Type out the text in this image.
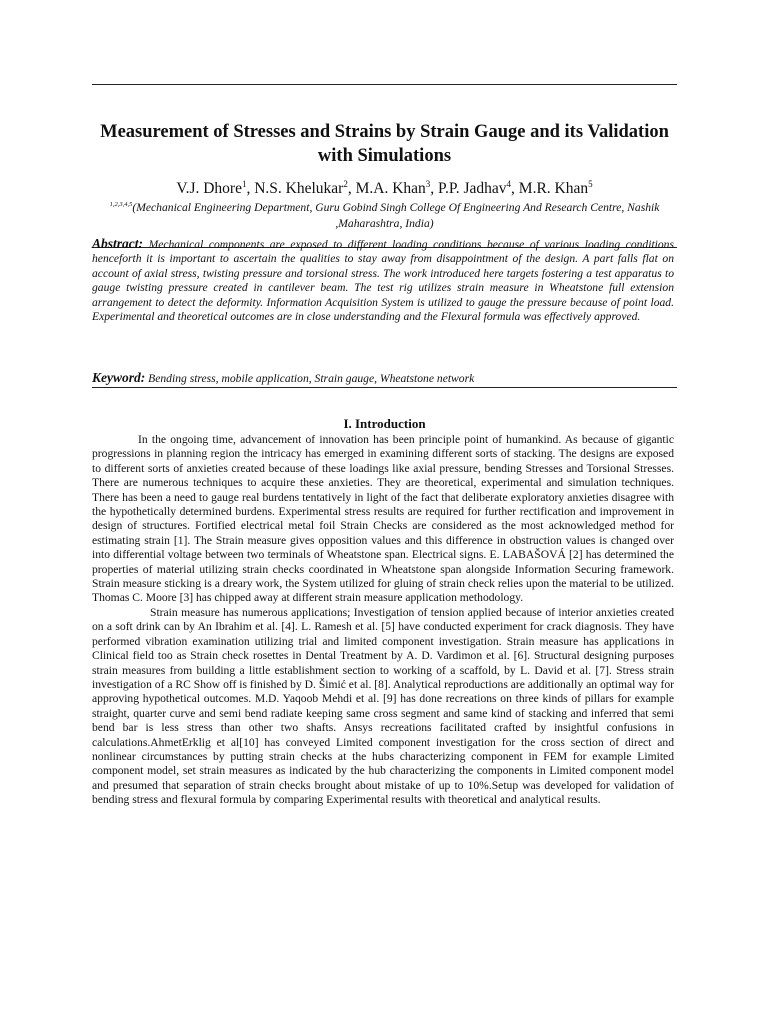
Measurement of Stresses and Strains by Strain Gauge and its Validation with Simulations
V.J. Dhore$^1$, N.S. Khelukar$^2$, M.A. Khan$^3$, P.P. Jadhav$^4$, M.R. Khan$^5$
$^{1,2,3,4,5}$(Mechanical Engineering Department, Guru Gobind Singh College Of Engineering And Research Centre, Nashik ,Maharashtra, India)
Abstract: Mechanical components are exposed to different loading conditions because of various loading conditions henceforth it is important to ascertain the qualities to stay away from disappointment of the design. A part falls flat on account of axial stress, twisting pressure and torsional stress. The work introduced here targets fostering a test apparatus to gauge twisting pressure created in cantilever beam. The test rig utilizes strain measure in Wheatstone full extension arrangement to detect the deformity. Information Acquisition System is utilized to gauge the pressure because of point load. Experimental and theoretical outcomes are in close understanding and the Flexural formula was effectively approved.
Keyword: Bending stress, mobile application, Strain gauge, Wheatstone network
I. Introduction

In the ongoing time, advancement of innovation has been principle point of humankind. As because of gigantic progressions in planning region the intricacy has emerged in examining different sorts of stacking. The designs are exposed to different sorts of anxieties created because of these loadings like axial pressure, bending Stresses and Torsional Stresses. There are numerous techniques to acquire these anxieties. They are theoretical, experimental and simulation techniques. There has been a need to gauge real burdens tentatively in light of the fact that deliberate exploratory anxieties disagree with the hypothetically determined burdens. Experimental stress results are required for further rectification and improvement in design of structures. Fortified electrical metal foil Strain Checks are considered as the most acknowledged method for estimating strain [1]. The Strain measure gives opposition values and this difference in obstruction values is changed over into differential voltage between two terminals of Wheatstone span. Electrical signs. E. LABAŠOVÁ [2] has determined the properties of material utilizing strain checks coordinated in Wheatstone span alongside Information Securing framework. Strain measure sticking is a dreary work, the System utilized for gluing of strain check relies upon the material to be utilized. Thomas C. Moore [3] has chipped away at different strain measure application methodology.

Strain measure has numerous applications; Investigation of tension applied because of interior anxieties created on a soft drink can by An Ibrahim et al. [4]. L. Ramesh et al. [5] have conducted experiment for crack diagnosis. They have performed vibration examination utilizing trial and limited component investigation. Strain measure has applications in Clinical field too as Strain check rosettes in Dental Treatment by A. D. Vardimon et al. [6]. Structural designing purposes strain measures from building a little establishment section to working of a scaffold, by L. David et al. [7]. Stress strain investigation of a RC Show off is finished by D. Šimić et al. [8]. Analytical reproductions are additionally an optimal way for approving hypothetical outcomes. M.D. Yaqoob Mehdi et al. [9] has done recreations on three kinds of pillars for example straight, quarter curve and semi bend radiate keeping same cross segment and same kind of stacking and inferred that semi bend bar is less stress than other two shafts. Ansys recreations facilitated crafted by insightful confusions in calculations.AhmetErklig et al[10] has conveyed Limited component investigation for the cross section of direct and nonlinear circumstances by putting strain checks at the hubs characterizing component in FEM for example Limited component model, set strain measures as indicated by the hub characterizing the components in Limited component model and presumed that separation of strain checks brought about mistake of up to 10%.Setup was developed for validation of bending stress and flexural formula by comparing Experimental results with theoretical and analytical results.
